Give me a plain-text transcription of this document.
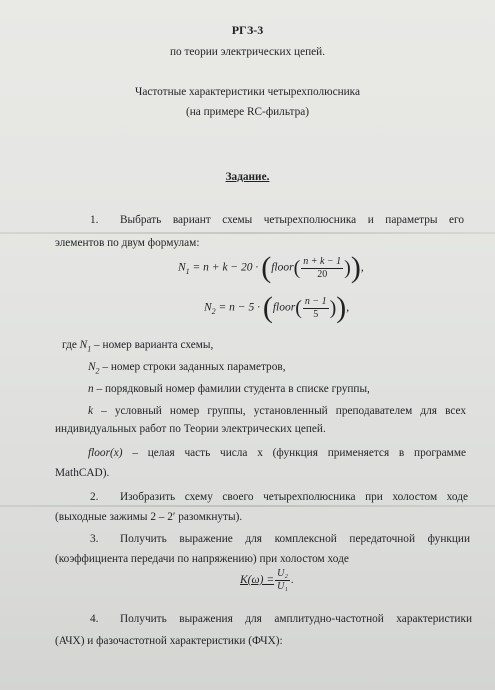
РГЗ-3
по теории электрических цепей.
Частотные характеристики четырехполюсника
(на примере RC-фильтра)
Задание.
1. Выбрать вариант схемы четырехполюсника и параметры его
элементов по двум формулам:
$N_1 = n + k - 20$ · (floor( $\frac{n + k - 1}{20}$ )),
$N_2 = n - 5$ · (floor( $\frac{n - 1}{5}$ )),
где $N_1$ – номер варианта схемы,
$N_2$ – номер строки заданных параметров,
n – порядковый номер фамилии студента в списке группы,
k – условный номер группы, установленный преподавателем для всех
индивидуальных работ по Теории электрических цепей.
floor(x) – целая часть числа x (функция применяется в программе
MathCAD).
2. Изобразить схему своего четырехполюсника при холостом ходе
(выходные зажимы 2 – 2′ разомкнуты).
3. Получить выражение для комплексной передаточной функции
(коэффициента передачи по напряжению) при холостом ходе
$K(\omega) = \frac{\text{U₂}}{\text{U₁}}$ .
4. Получить выражения для амплитудно-частотной характеристики
(АЧХ) и фазочастотной характеристики (ФЧХ):
